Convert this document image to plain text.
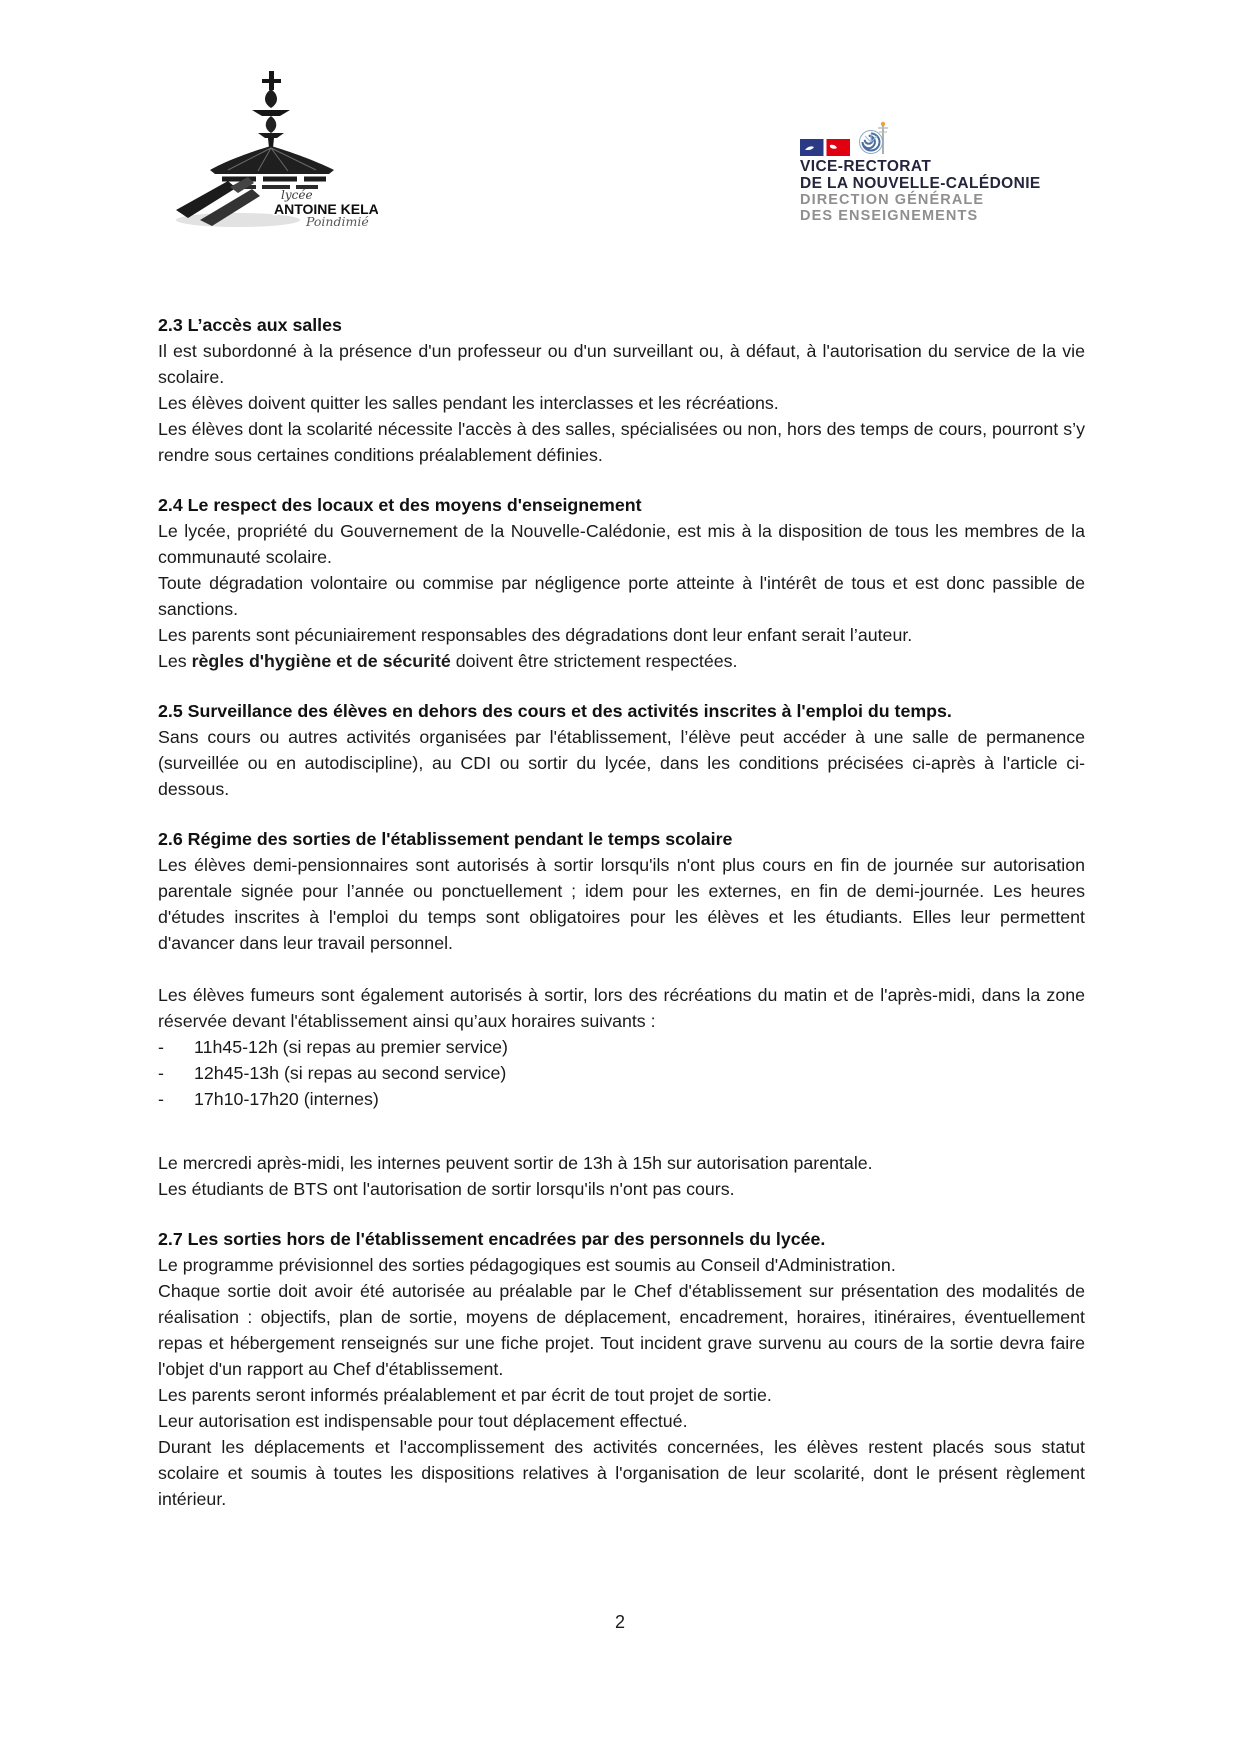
lycée
ANTOINE KELA
Poindimié
VICE-RECTORAT
DE LA NOUVELLE-CALÉDONIE
DIRECTION GÉNÉRALE
DES ENSEIGNEMENTS
2.3 L’accès aux salles

Il est subordonné à la présence d'un professeur ou d'un surveillant ou, à défaut, à l'autorisation du service de la vie scolaire.

Les élèves doivent quitter les salles pendant les interclasses et les récréations.

Les élèves dont la scolarité nécessite l'accès à des salles, spécialisées ou non, hors des temps de cours, pourront s’y rendre sous certaines conditions préalablement définies.

2.4 Le respect des locaux et des moyens d'enseignement

Le lycée, propriété du Gouvernement de la Nouvelle-Calédonie, est mis à la disposition de tous les membres de la communauté scolaire.

Toute dégradation volontaire ou commise par négligence porte atteinte à l'intérêt de tous et est donc passible de sanctions.

Les parents sont pécuniairement responsables des dégradations dont leur enfant serait l’auteur.

Les règles d'hygiène et de sécurité doivent être strictement respectées.

2.5 Surveillance des élèves en dehors des cours et des activités inscrites à l'emploi du temps.

Sans cours ou autres activités organisées par l'établissement, l’élève peut accéder à une salle de permanence (surveillée ou en autodiscipline), au CDI ou sortir du lycée, dans les conditions précisées ci-après à l'article ci-dessous.

2.6 Régime des sorties de l'établissement pendant le temps scolaire

Les élèves demi-pensionnaires sont autorisés à sortir lorsqu'ils n'ont plus cours en fin de journée sur autorisation parentale signée pour l’année ou ponctuellement ; idem pour les externes, en fin de demi-journée. Les heures d'études inscrites à l'emploi du temps sont obligatoires pour les élèves et les étudiants. Elles leur permettent d'avancer dans leur travail personnel.

Les élèves fumeurs sont également autorisés à sortir, lors des récréations du matin et de l'après-midi, dans la zone réservée devant l'établissement ainsi qu’aux horaires suivants :

-	11h45-12h (si repas au premier service)
-	12h45-13h (si repas au second service)
-	17h10-17h20 (internes)

Le mercredi après-midi, les internes peuvent sortir de 13h à 15h sur autorisation parentale.

Les étudiants de BTS ont l'autorisation de sortir lorsqu'ils n'ont pas cours.

2.7 Les sorties hors de l'établissement encadrées par des personnels du lycée.

Le programme prévisionnel des sorties pédagogiques est soumis au Conseil d'Administration.

Chaque sortie doit avoir été autorisée au préalable par le Chef d'établissement sur présentation des modalités de réalisation : objectifs, plan de sortie, moyens de déplacement, encadrement, horaires, itinéraires, éventuellement repas et hébergement renseignés sur une fiche projet. Tout incident grave survenu au cours de la sortie devra faire l'objet d'un rapport au Chef d'établissement.

Les parents seront informés préalablement et par écrit de tout projet de sortie.

Leur autorisation est indispensable pour tout déplacement effectué.

Durant les déplacements et l'accomplissement des activités concernées, les élèves restent placés sous statut scolaire et soumis à toutes les dispositions relatives à l'organisation de leur scolarité, dont le présent règlement intérieur.

2
